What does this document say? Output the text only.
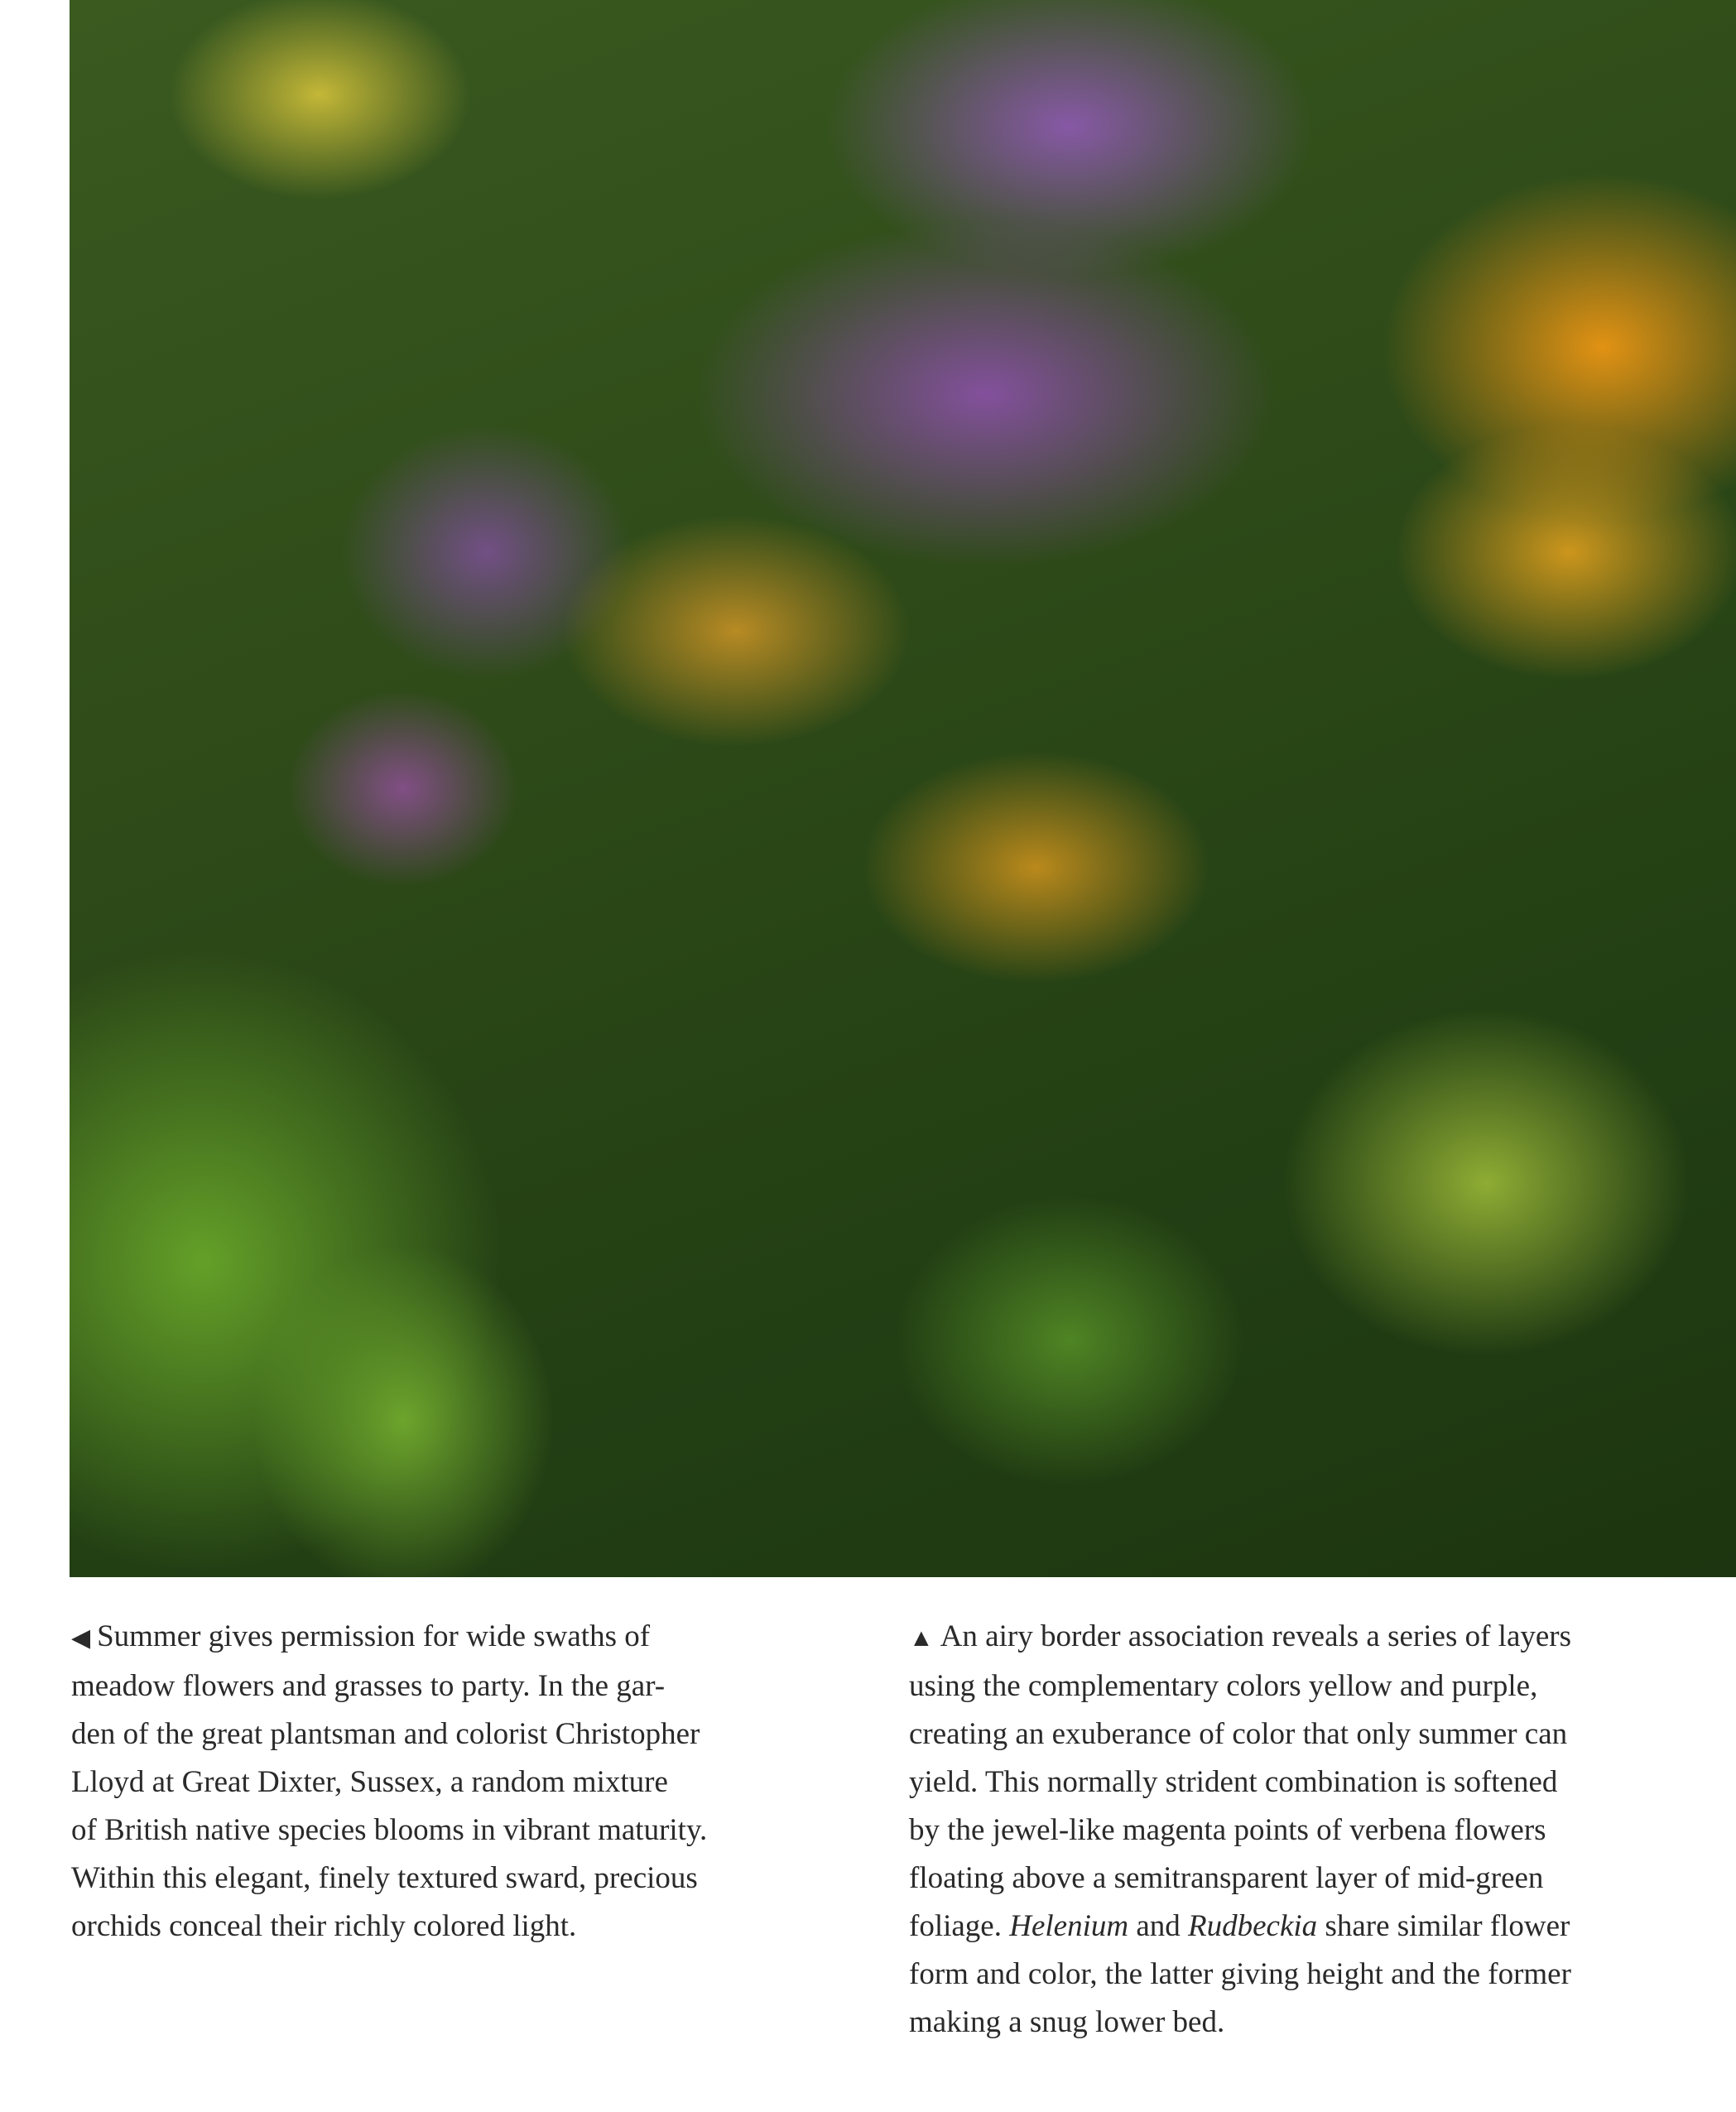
◀ Summer gives permission for wide swaths of
meadow flowers and grasses to party. In the gar-
den of the great plantsman and colorist Christopher
Lloyd at Great Dixter, Sussex, a random mixture
of British native species blooms in vibrant maturity.
Within this elegant, finely textured sward, precious
orchids conceal their richly colored light.
▲ An airy border association reveals a series of layers
using the complementary colors yellow and purple,
creating an exuberance of color that only summer can
yield. This normally strident combination is softened
by the jewel-like magenta points of verbena flowers
floating above a semitransparent layer of mid-green
foliage. Helenium and Rudbeckia share similar flower
form and color, the latter giving height and the former
making a snug lower bed.
